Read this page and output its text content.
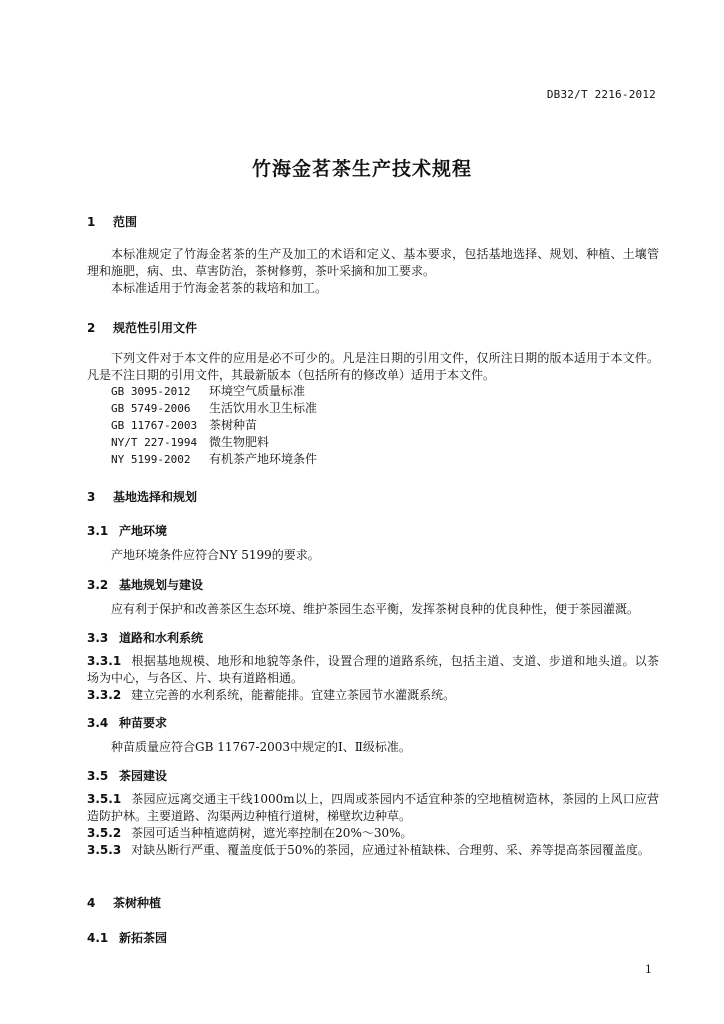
DB32/T 2216-2012
竹海金茗茶生产技术规程
1 范围
本标准规定了竹海金茗茶的生产及加工的术语和定义、基本要求，包括基地选择、规划、种植、土壤管理和施肥，病、虫、草害防治，茶树修剪，茶叶采摘和加工要求。
本标准适用于竹海金茗茶的栽培和加工。
2 规范性引用文件
下列文件对于本文件的应用是必不可少的。凡是注日期的引用文件，仅所注日期的版本适用于本文件。凡是不注日期的引用文件，其最新版本（包括所有的修改单）适用于本文件。
GB 3095-2012 环境空气质量标准
GB 5749-2006 生活饮用水卫生标准
GB 11767-2003 茶树种苗
NY/T 227-1994 微生物肥料
NY 5199-2002 有机茶产地环境条件
3 基地选择和规划
3.1 产地环境
产地环境条件应符合NY 5199的要求。
3.2 基地规划与建设
应有利于保护和改善茶区生态环境、维护茶园生态平衡，发挥茶树良种的优良种性，便于茶园灌溉。
3.3 道路和水利系统
3.3.1 根据基地规模、地形和地貌等条件，设置合理的道路系统，包括主道、支道、步道和地头道。以茶场为中心，与各区、片、块有道路相通。
3.3.2 建立完善的水利系统，能蓄能排。宜建立茶园节水灌溉系统。
3.4 种苗要求
种苗质量应符合GB 11767-2003中规定的Ⅰ、Ⅱ级标准。
3.5 茶园建设
3.5.1 茶园应远离交通主干线1000m以上，四周或茶园内不适宜种茶的空地植树造林，茶园的上风口应营造防护林。主要道路、沟渠两边种植行道树，梯壁坎边种草。
3.5.2 茶园可适当种植遮荫树，遮光率控制在20%～30%。
3.5.3 对缺丛断行严重、覆盖度低于50%的茶园，应通过补植缺株、合理剪、采、养等提高茶园覆盖度。
4 茶树种植
4.1 新拓茶园
1
